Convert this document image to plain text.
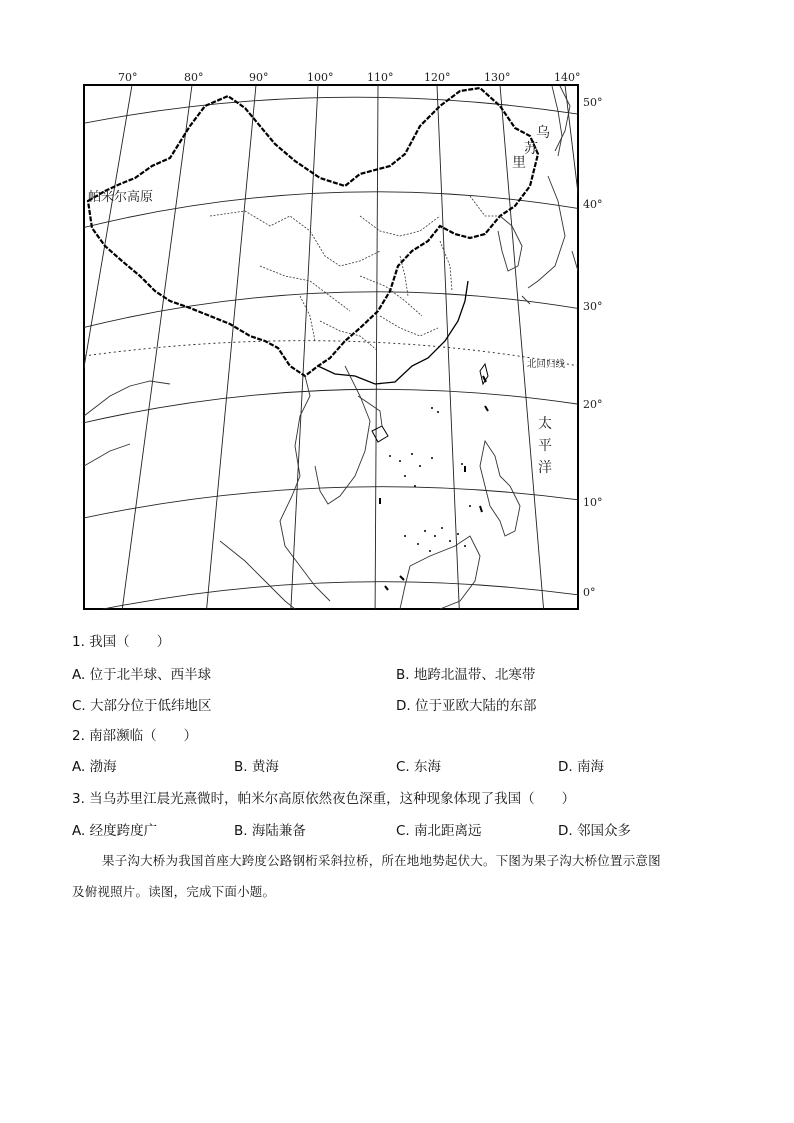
70°	80°	90°	100°	110°	120°	130°	140°
50°
40°
30°
20°
10°
0°
帕米尔高原
乌
苏
里
太
平
洋
北回归线
1. 我国（　　）
A. 位于北半球、西半球	B. 地跨北温带、北寒带
C. 大部分位于低纬地区	D. 位于亚欧大陆的东部
2. 南部濒临（　　）
A. 渤海	B. 黄海	C. 东海	D. 南海
3. 当乌苏里江晨光熹微时，帕米尔高原依然夜色深重，这种现象体现了我国（　　）
A. 经度跨度广	B. 海陆兼备	C. 南北距离远	D. 邻国众多
果子沟大桥为我国首座大跨度公路钢桁采斜拉桥，所在地地势起伏大。下图为果子沟大桥位置示意图
及俯视照片。读图，完成下面小题。
